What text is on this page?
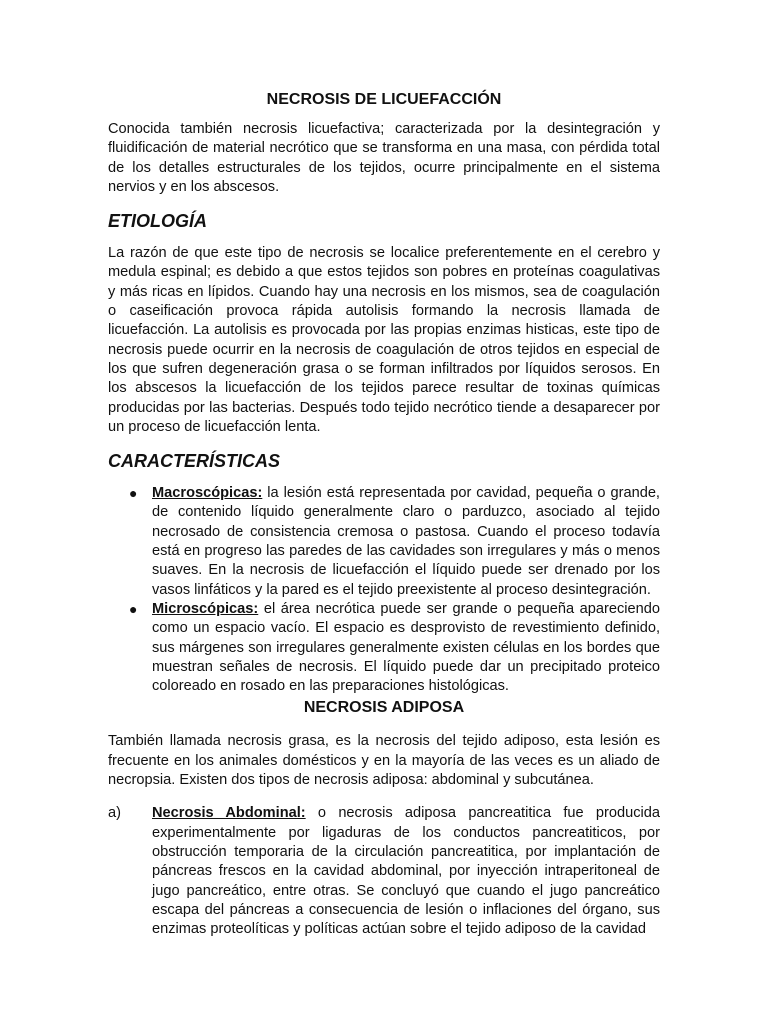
NECROSIS DE LICUEFACCIÓN

Conocida también necrosis licuefactiva; caracterizada por la desintegración y fluidificación de material necrótico que se transforma en una masa, con pérdida total de los detalles estructurales de los tejidos, ocurre principalmente en el sistema nervios y en los abscesos.

ETIOLOGÍA

La razón de que este tipo de necrosis se localice preferentemente en el cerebro y medula espinal; es debido a que estos tejidos son pobres en proteínas coagulativas y más ricas en lípidos. Cuando hay una necrosis en los mismos, sea de coagulación o caseificación provoca rápida autolisis formando la necrosis llamada de licuefacción. La autolisis es provocada por las propias enzimas histicas, este tipo de necrosis puede ocurrir en la necrosis de coagulación de otros tejidos en especial de los que sufren degeneración grasa o se forman infiltrados por líquidos serosos. En los abscesos la licuefacción de los tejidos parece resultar de toxinas químicas producidas por las bacterias. Después todo tejido necrótico tiende a desaparecer por un proceso de licuefacción lenta.

CARACTERÍSTICAS
● Macroscópicas: la lesión está representada por cavidad, pequeña o grande, de contenido líquido generalmente claro o parduzco, asociado al tejido necrosado de consistencia cremosa o pastosa. Cuando el proceso todavía está en progreso las paredes de las cavidades son irregulares y más o menos suaves. En la necrosis de licuefacción el líquido puede ser drenado por los vasos linfáticos y la pared es el tejido preexistente al proceso desintegración.
● Microscópicas: el área necrótica puede ser grande o pequeña apareciendo como un espacio vacío. El espacio es desprovisto de revestimiento definido, sus márgenes son irregulares generalmente existen células en los bordes que muestran señales de necrosis. El líquido puede dar un precipitado proteico coloreado en rosado en las preparaciones histológicas.
NECROSIS ADIPOSA

También llamada necrosis grasa, es la necrosis del tejido adiposo, esta lesión es frecuente en los animales domésticos y en la mayoría de las veces es un aliado de necropsia. Existen dos tipos de necrosis adiposa: abdominal y subcutánea.

a) Necrosis Abdominal: o necrosis adiposa pancreatitica fue producida experimentalmente por ligaduras de los conductos pancreatiticos, por obstrucción temporaria de la circulación pancreatitica, por implantación de páncreas frescos en la cavidad abdominal, por inyección intraperitoneal de jugo pancreático, entre otras. Se concluyó que cuando el jugo pancreático escapa del páncreas a consecuencia de lesión o inflaciones del órgano, sus enzimas proteolíticas y políticas actúan sobre el tejido adiposo de la cavidad
